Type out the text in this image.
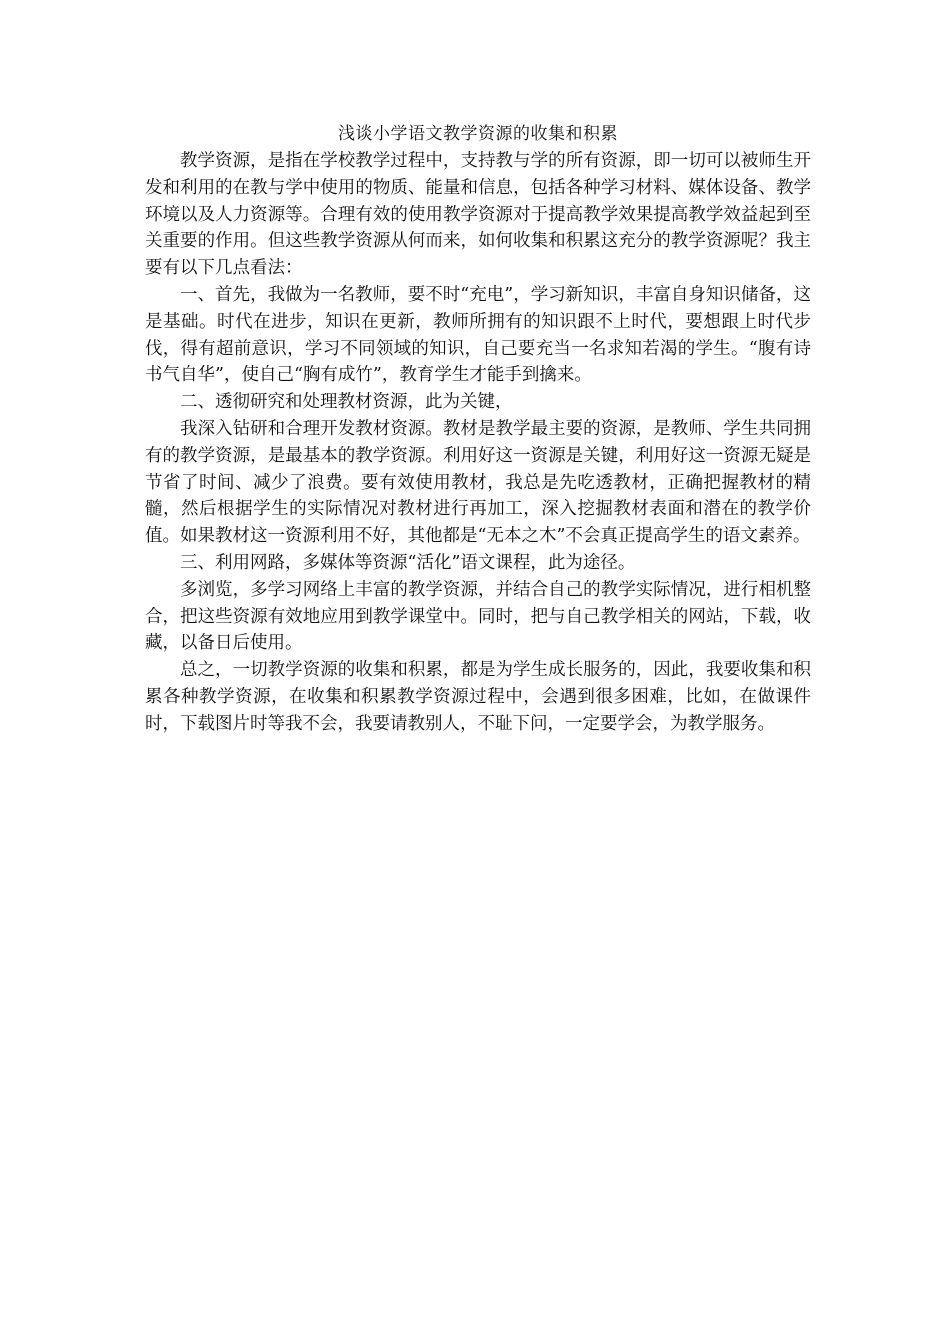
浅谈小学语文教学资源的收集和积累

教学资源，是指在学校教学过程中，支持教与学的所有资源，即一切可以被师生开发和利用的在教与学中使用的物质、能量和信息，包括各种学习材料、媒体设备、教学环境以及人力资源等。合理有效的使用教学资源对于提高教学效果提高教学效益起到至关重要的作用。但这些教学资源从何而来，如何收集和积累这充分的教学资源呢？我主要有以下几点看法：

一、首先，我做为一名教师，要不时“充电”，学习新知识，丰富自身知识储备，这是基础。时代在进步，知识在更新，教师所拥有的知识跟不上时代，要想跟上时代步伐，得有超前意识，学习不同领域的知识，自己要充当一名求知若渴的学生。“腹有诗书气自华”，使自己“胸有成竹”，教育学生才能手到擒来。

二、透彻研究和处理教材资源，此为关键，

我深入钻研和合理开发教材资源。教材是教学最主要的资源，是教师、学生共同拥有的教学资源，是最基本的教学资源。利用好这一资源是关键，利用好这一资源无疑是节省了时间、减少了浪费。要有效使用教材，我总是先吃透教材，正确把握教材的精髓，然后根据学生的实际情况对教材进行再加工，深入挖掘教材表面和潜在的教学价值。如果教材这一资源利用不好，其他都是“无本之木”不会真正提高学生的语文素养。

三、利用网路，多媒体等资源“活化”语文课程，此为途径。

多浏览，多学习网络上丰富的教学资源，并结合自己的教学实际情况，进行相机整合，把这些资源有效地应用到教学课堂中。同时，把与自己教学相关的网站，下载，收藏，以备日后使用。

总之，一切教学资源的收集和积累，都是为学生成长服务的，因此，我要收集和积累各种教学资源，在收集和积累教学资源过程中，会遇到很多困难，比如，在做课件时，下载图片时等我不会，我要请教别人，不耻下问，一定要学会，为教学服务。
